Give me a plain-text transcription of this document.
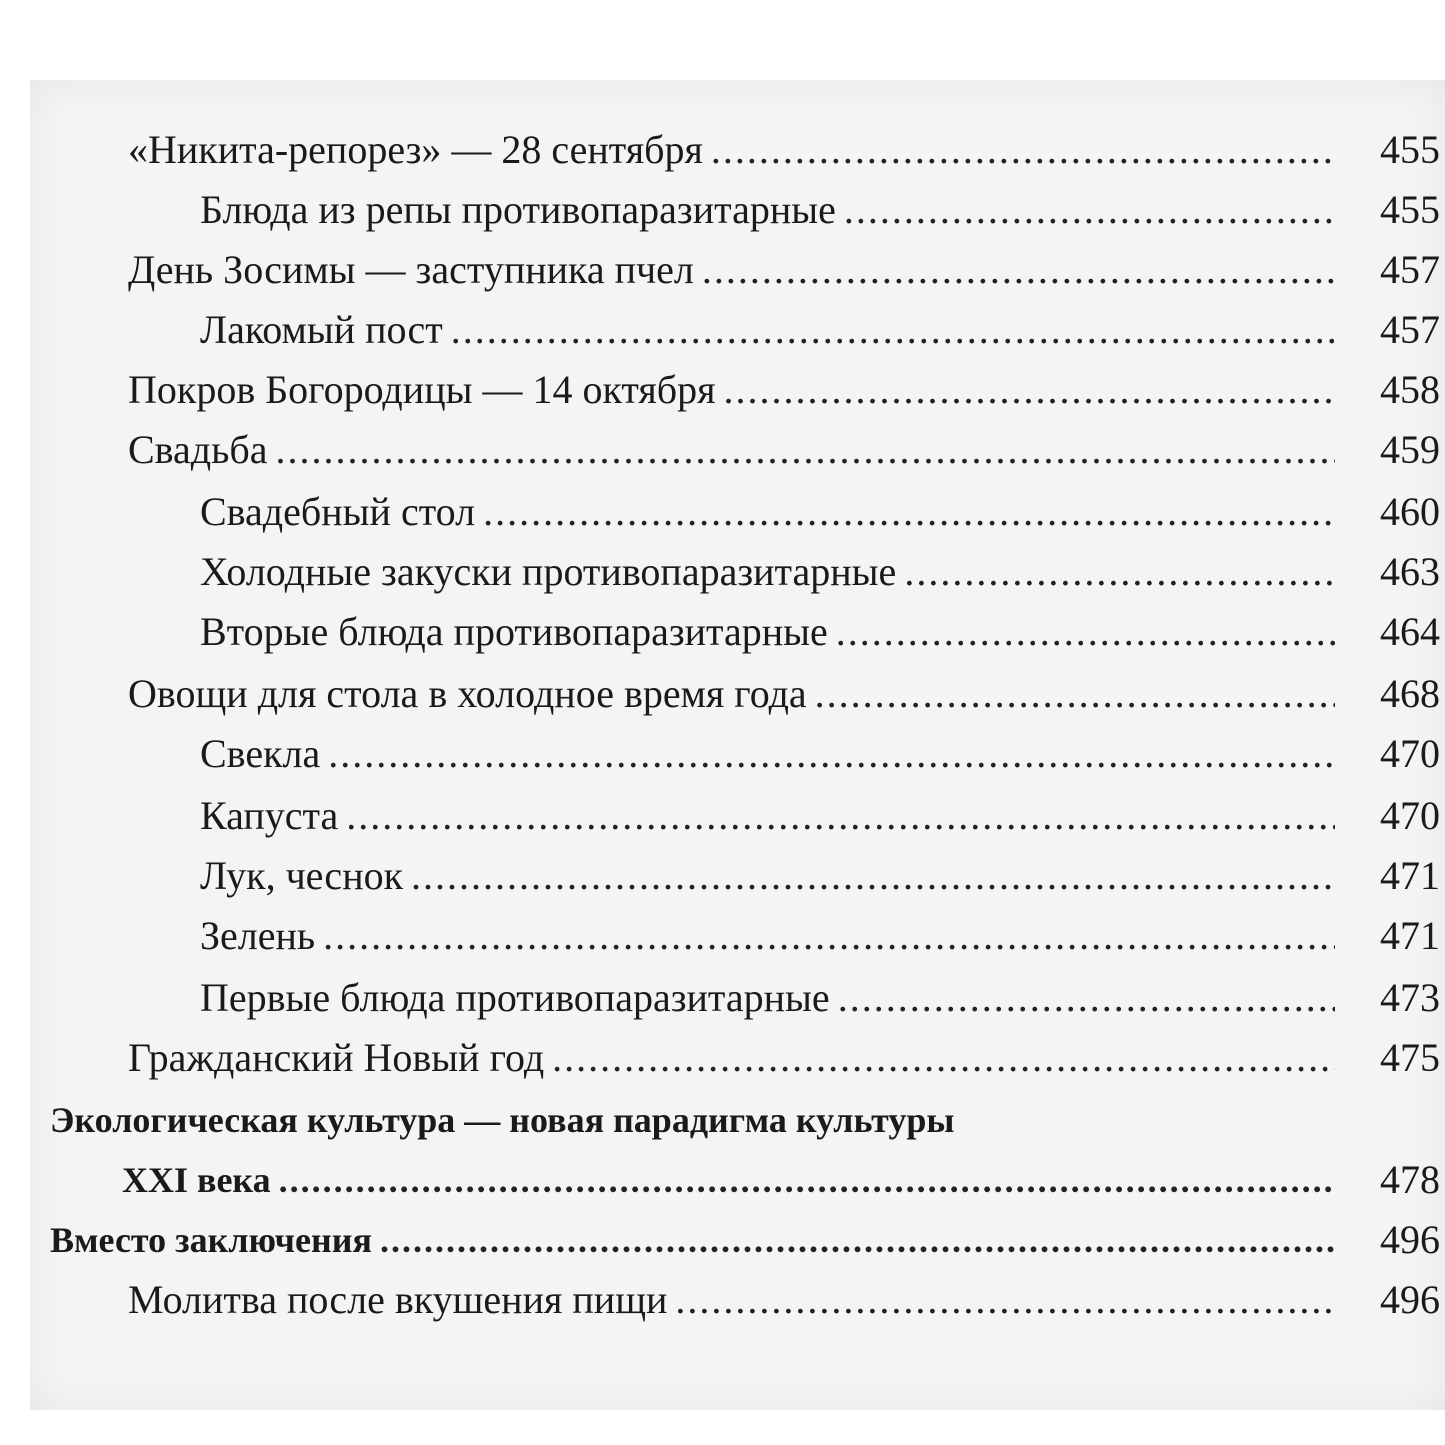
«Никита-репорез» — 28 сентября .....	455
Блюда из репы противопаразитарные .....	455
День Зосимы — заступника пчел .....	457
Лакомый пост .....	457
Покров Богородицы — 14 октября .....	458
Свадьба .....	459
Свадебный стол .....	460
Холодные закуски противопаразитарные .....	463
Вторые блюда противопаразитарные .....	464
Овощи для стола в холодное время года .....	468
Свекла .....	470
Капуста .....	470
Лук, чеснок .....	471
Зелень .....	471
Первые блюда противопаразитарные .....	473
Гражданский Новый год .....	475
Экологическая культура — новая парадигма культуры
XXI века .....	478
Вместо заключения .....	496
Молитва после вкушения пищи .....	496
